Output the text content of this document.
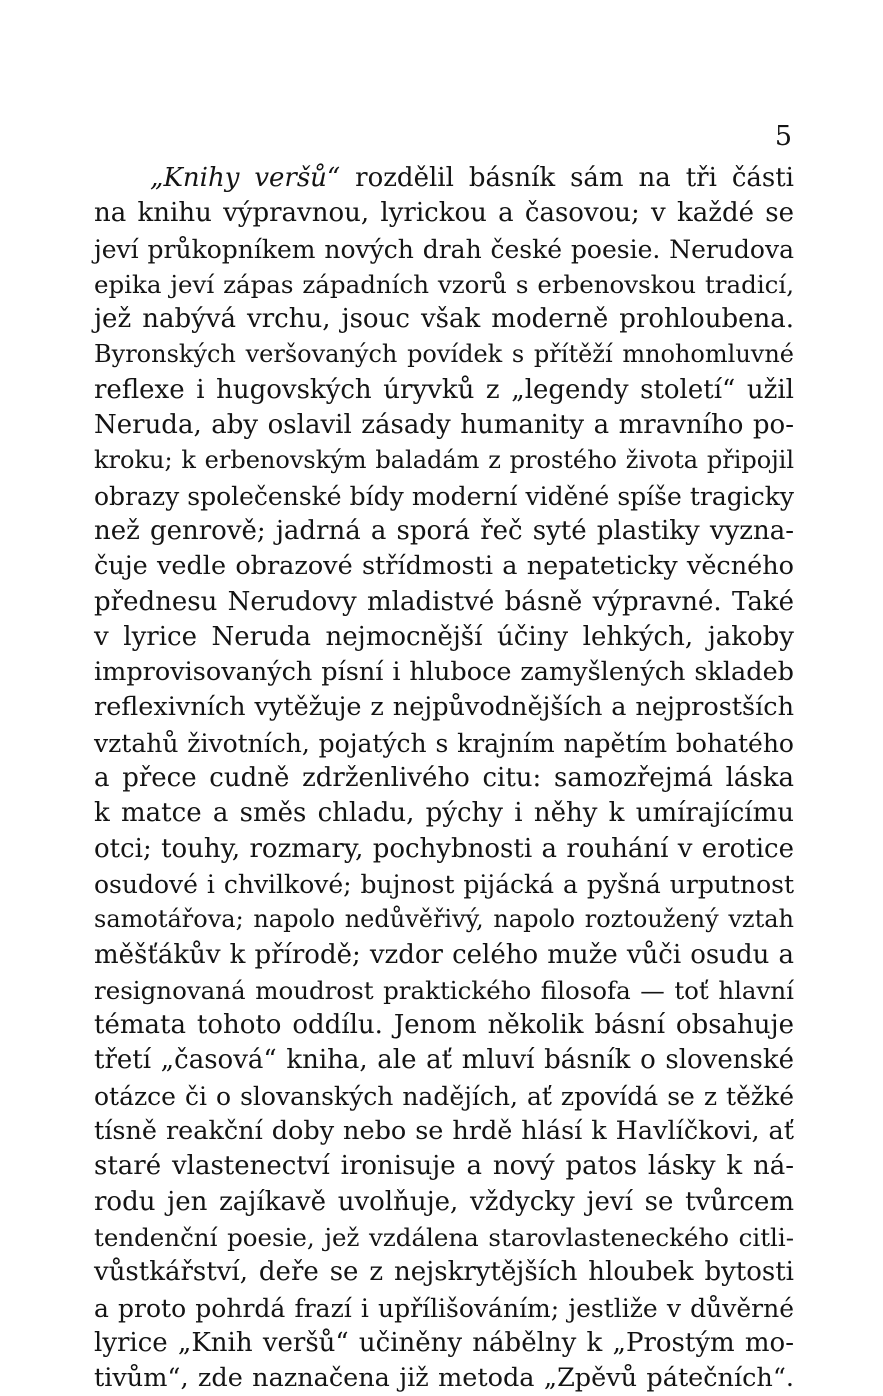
5
„Knihy veršů“ rozdělil básník sám na tři části
na knihu výpravnou, lyrickou a časovou; v každé se
jeví průkopníkem nových drah české poesie. Nerudova
epika jeví zápas západních vzorů s erbenovskou tradicí,
jež nabývá vrchu, jsouc však moderně prohloubena.
Byronských veršovaných povídek s přítěží mnohomluvné
reflexe i hugovských úryvků z „legendy století“ užil
Neruda, aby oslavil zásady humanity a mravního po-
kroku; k erbenovským baladám z prostého života připojil
obrazy společenské bídy moderní viděné spíše tragicky
než genrově; jadrná a sporá řeč syté plastiky vyzna-
čuje vedle obrazové střídmosti a nepateticky věcného
přednesu Nerudovy mladistvé básně výpravné. Také
v lyrice Neruda nejmocnější účiny lehkých, jakoby
improvisovaných písní i hluboce zamyšlených skladeb
reflexivních vytěžuje z nejpůvodnějších a nejprostších
vztahů životních, pojatých s krajním napětím bohatého
a přece cudně zdrženlivého citu: samozřejmá láska
k matce a směs chladu, pýchy i něhy k umírajícímu
otci; touhy, rozmary, pochybnosti a rouhání v erotice
osudové i chvilkové; bujnost pijácká a pyšná urputnost
samotářova; napolo nedůvěřivý, napolo roztoužený vztah
měšťákův k přírodě; vzdor celého muže vůči osudu a
resignovaná moudrost praktického filosofa — toť hlavní
témata tohoto oddílu. Jenom několik básní obsahuje
třetí „časová“ kniha, ale ať mluví básník o slovenské
otázce či o slovanských nadějích, ať zpovídá se z těžké
tísně reakční doby nebo se hrdě hlásí k Havlíčkovi, ať
staré vlastenectví ironisuje a nový patos lásky k ná-
rodu jen zajíkavě uvolňuje, vždycky jeví se tvůrcem
tendenční poesie, jež vzdálena starovlasteneckého citli-
vůstkářství, deře se z nejskrytějších hloubek bytosti
a proto pohrdá frazí i upřílišováním; jestliže v důvěrné
lyrice „Knih veršů“ učiněny nábělny k „Prostým mo-
tivům“, zde naznačena již metoda „Zpěvů pátečních“.
